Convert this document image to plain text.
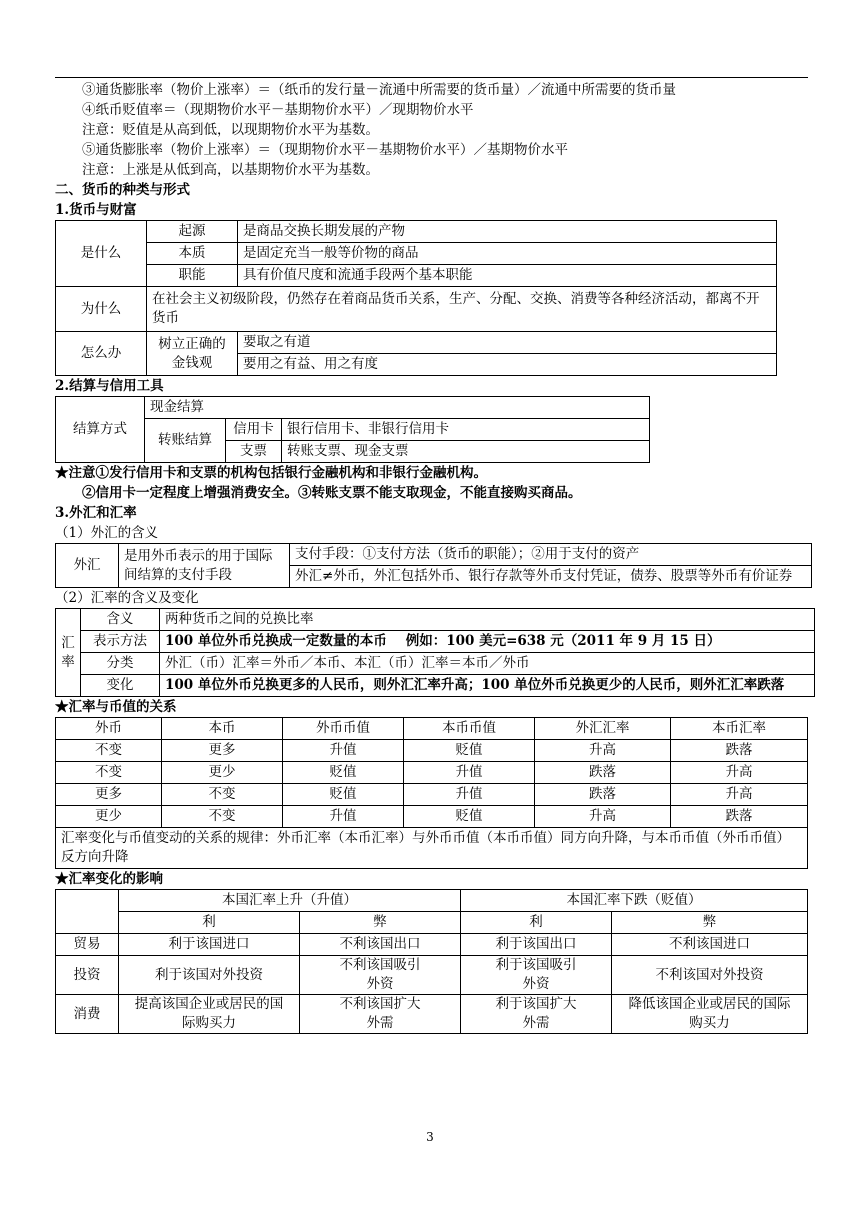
③通货膨胀率（物价上涨率）＝（纸币的发行量－流通中所需要的货币量）／流通中所需要的货币量
④纸币贬值率＝（现期物价水平－基期物价水平）／现期物价水平
注意：贬值是从高到低，以现期物价水平为基数。
⑤通货膨胀率（物价上涨率）＝（现期物价水平－基期物价水平）／基期物价水平
注意：上涨是从低到高，以基期物价水平为基数。
二、货币的种类与形式
1.货币与财富
是什么	起源	是商品交换长期发展的产物
	本质	是固定充当一般等价物的商品
	职能	具有价值尺度和流通手段两个基本职能
为什么	在社会主义初级阶段，仍然存在着商品货币关系，生产、分配、交换、消费等各种经济活动，都离不开货币	
怎么办	树立正确的金钱观	要取之有道
		要用之有益、用之有度
2.结算与信用工具
结算方式	现金结算		
	转账结算	信用卡	银行信用卡、非银行信用卡
		支票	转账支票、现金支票
★注意①发行信用卡和支票的机构包括银行金融机构和非银行金融机构。
②信用卡一定程度上增强消费安全。③转账支票不能支取现金，不能直接购买商品。
3.外汇和汇率
（1）外汇的含义
外汇	是用外币表示的用于国际间结算的支付手段	支付手段：①支付方法（货币的职能）；②用于支付的资产
外汇≠外币，外汇包括外币、银行存款等外币支付凭证，债券、股票等外币有价证券
（2）汇率的含义及变化
汇率	含义	两种货币之间的兑换比率
	表示方法	100 单位外币兑换成一定数量的本币 例如：100 美元=638 元（2011 年 9 月 15 日）
	分类	外汇（币）汇率＝外币／本币、本汇（币）汇率＝本币／外币
	变化	100 单位外币兑换更多的人民币，则外汇汇率升高；100 单位外币兑换更少的人民币，则外汇汇率跌落
★汇率与币值的关系
外币	本币	外币币值	本币币值	外汇汇率	本币汇率
不变	更多	升值	贬值	升高	跌落
不变	更少	贬值	升值	跌落	升高
更多	不变	贬值	升值	跌落	升高
更少	不变	升值	贬值	升高	跌落
汇率变化与币值变动的关系的规律：外币汇率（本币汇率）与外币币值（本币币值）同方向升降，与本币币值（外币币值）反方向升降					
★汇率变化的影响
	本国汇率上升（升值）		本国汇率下跌（贬值）	
	利	弊	利	弊
贸易	利于该国进口	不利该国出口	利于该国出口	不利该国进口
投资	利于该国对外投资	不利该国吸引外资	利于该国吸引外资	不利该国对外投资
消费	提高该国企业或居民的国际购买力	不利该国扩大外需	利于该国扩大外需	降低该国企业或居民的国际购买力
3
